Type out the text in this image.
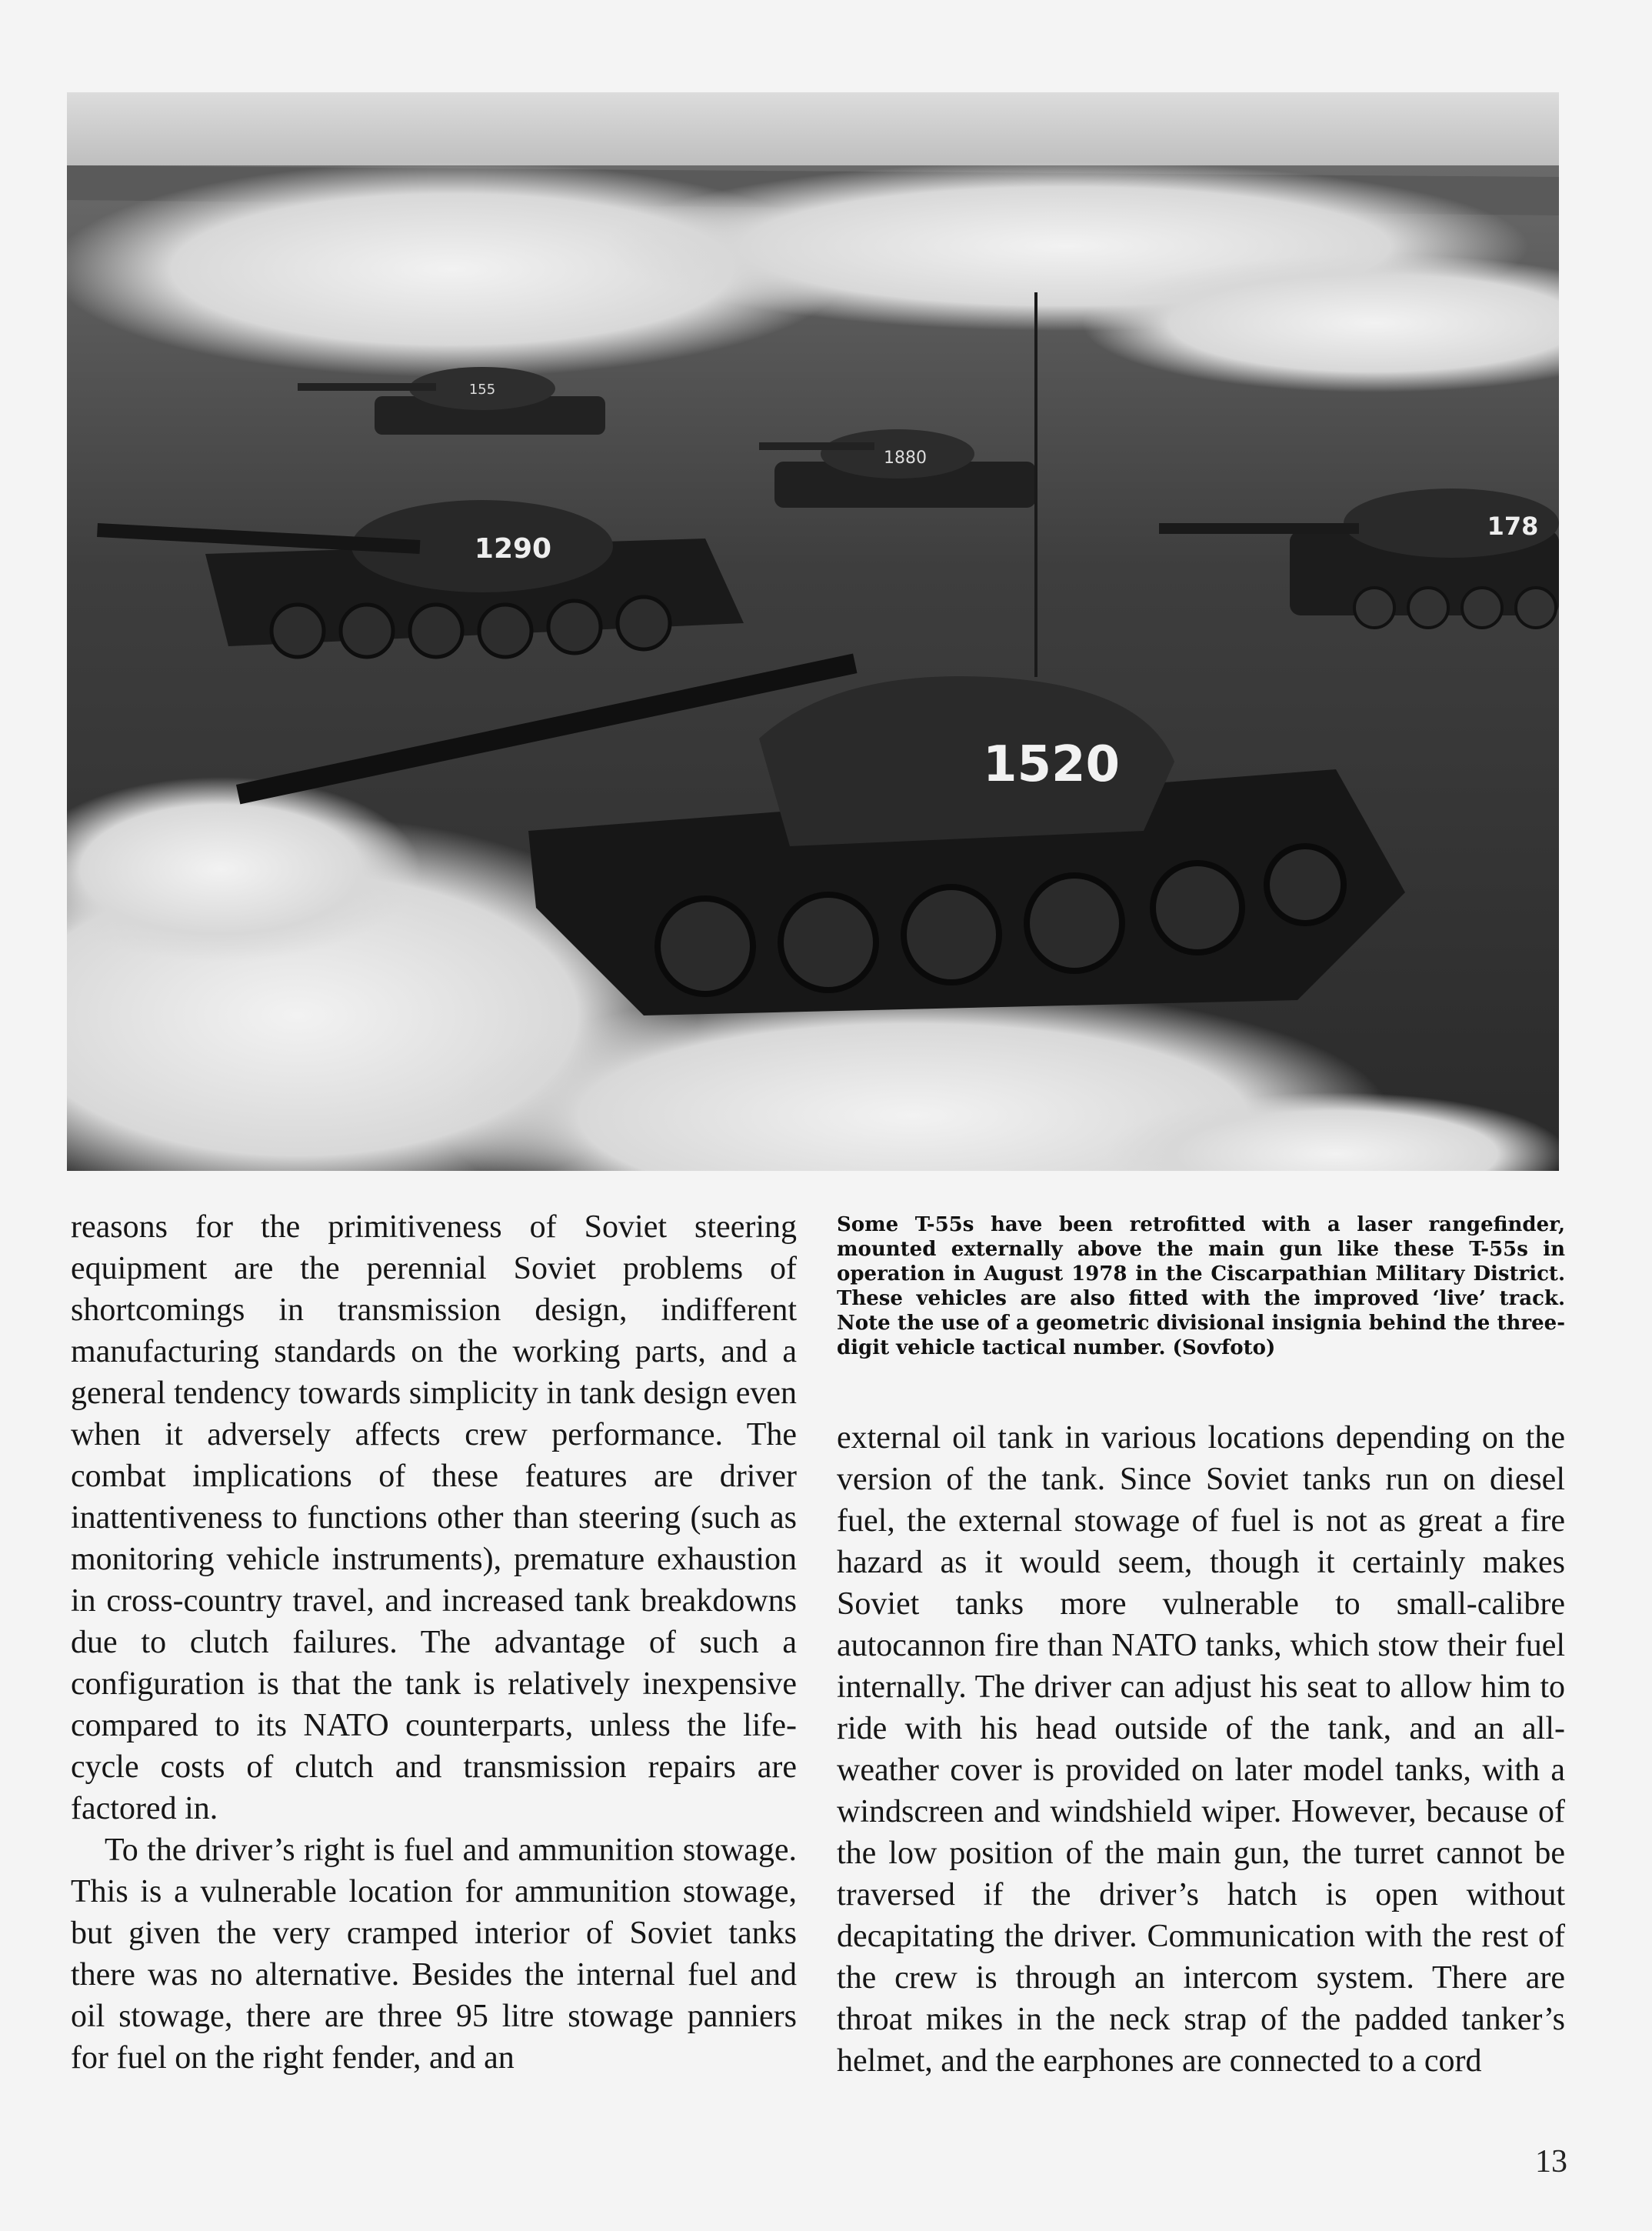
155
1880
178
1290
1520

reasons for the primitiveness of Soviet steering equipment are the perennial Soviet problems of shortcomings in transmission design, indifferent manufacturing standards on the working parts, and a general tendency towards simplicity in tank design even when it adversely affects crew performance. The combat implications of these features are driver inattentiveness to functions other than steering (such as monitoring vehicle instruments), premature exhaustion in cross-country travel, and increased tank breakdowns due to clutch failures. The advantage of such a configuration is that the tank is relatively inexpensive compared to its NATO counterparts, unless the life-cycle costs of clutch and transmission repairs are factored in.

To the driver’s right is fuel and ammunition stowage. This is a vulnerable location for ammunition stowage, but given the very cramped interior of Soviet tanks there was no alternative. Besides the internal fuel and oil stowage, there are three 95 litre stowage panniers for fuel on the right fender, and an

Some T-55s have been retrofitted with a laser rangefinder, mounted externally above the main gun like these T-55s in operation in August 1978 in the Ciscarpathian Military District. These vehicles are also fitted with the improved ‘live’ track. Note the use of a geometric divisional insignia behind the three-digit vehicle tactical number. (Sovfoto)

external oil tank in various locations depending on the version of the tank. Since Soviet tanks run on diesel fuel, the external stowage of fuel is not as great a fire hazard as it would seem, though it certainly makes Soviet tanks more vulnerable to small-calibre autocannon fire than NATO tanks, which stow their fuel internally. The driver can adjust his seat to allow him to ride with his head outside of the tank, and an all-weather cover is provided on later model tanks, with a windscreen and windshield wiper. However, because of the low position of the main gun, the turret cannot be traversed if the driver’s hatch is open without decapitating the driver. Communication with the rest of the crew is through an intercom system. There are throat mikes in the neck strap of the padded tanker’s helmet, and the earphones are connected to a cord

13
